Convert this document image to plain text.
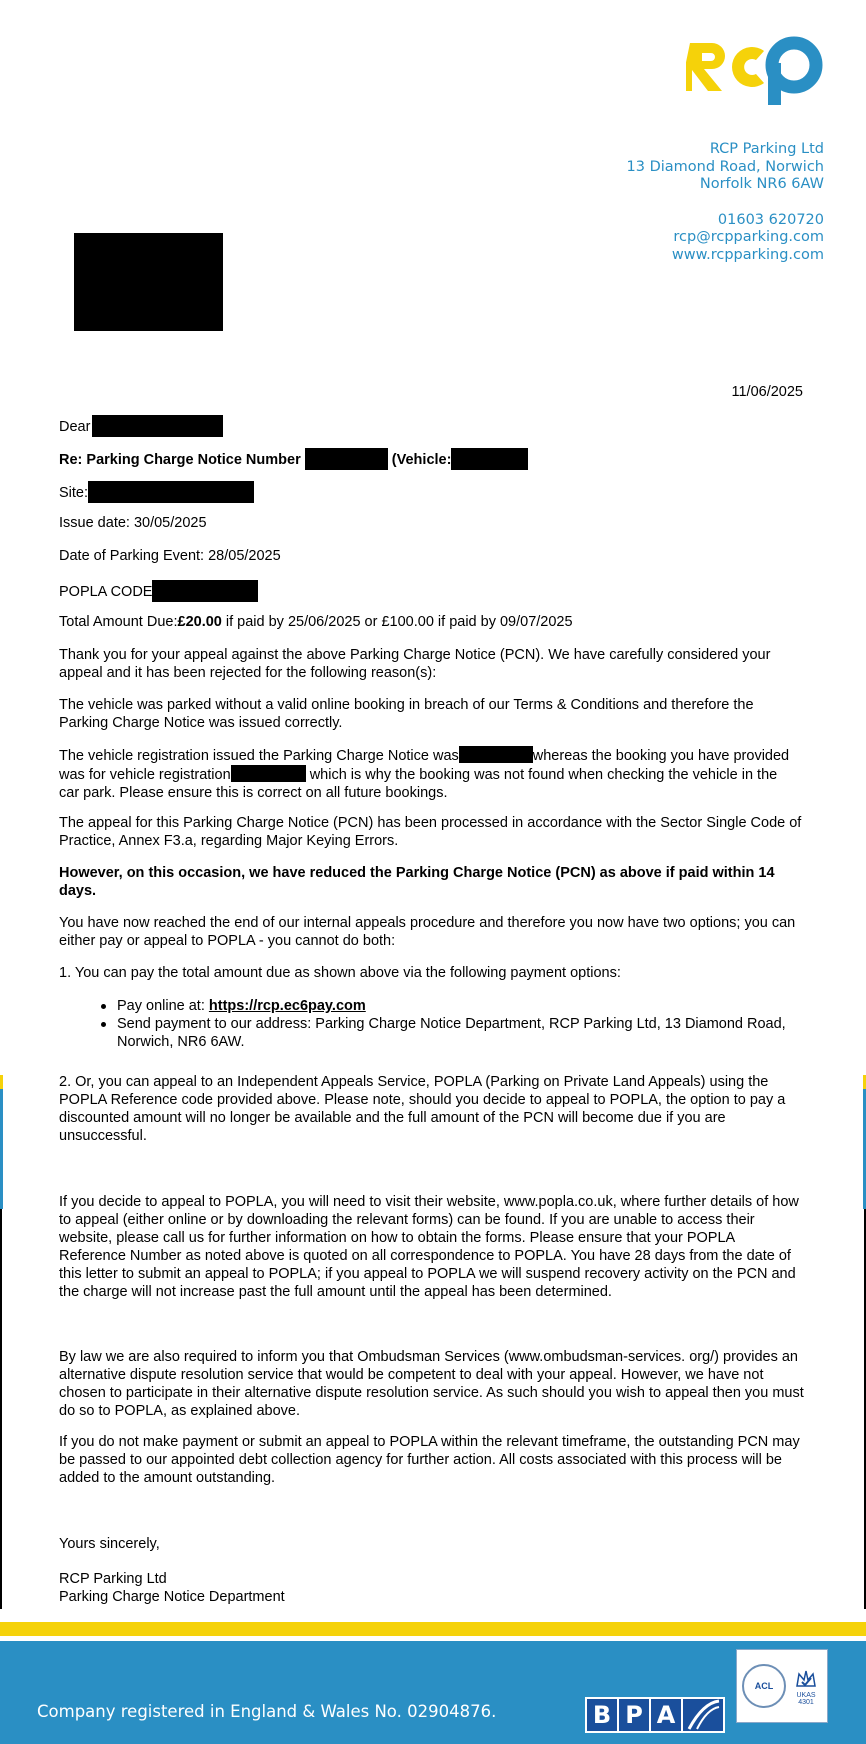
RCP Parking Ltd
13 Diamond Road, Norwich
Norfolk NR6 6AW
01603 620720
rcp@rcpparking.com
www.rcpparking.com
11/06/2025
Dear
Re: Parking Charge Notice Number	(Vehicle:
Site:
Issue date: 30/05/2025
Date of Parking Event: 28/05/2025
POPLA CODE
Total Amount Due:£20.00 if paid by 25/06/2025 or £100.00 if paid by 09/07/2025
Thank you for your appeal against the above Parking Charge Notice (PCN). We have carefully considered your appeal and it has been rejected for the following reason(s):
The vehicle was parked without a valid online booking in breach of our Terms & Conditions and therefore the Parking Charge Notice was issued correctly.
The vehicle registration issued the Parking Charge Notice was	whereas the booking you have provided
was for vehicle registration	which is why the booking was not found when checking the vehicle in the
car park. Please ensure this is correct on all future bookings.
The appeal for this Parking Charge Notice (PCN) has been processed in accordance with the Sector Single Code of Practice, Annex F3.a, regarding Major Keying Errors.
However, on this occasion, we have reduced the Parking Charge Notice (PCN) as above if paid within 14 days.
You have now reached the end of our internal appeals procedure and therefore you now have two options; you can either pay or appeal to POPLA - you cannot do both:
1. You can pay the total amount due as shown above via the following payment options:
Pay online at: https://rcp.ec6pay.com
Send payment to our address: Parking Charge Notice Department, RCP Parking Ltd, 13 Diamond Road, Norwich, NR6 6AW.
2. Or, you can appeal to an Independent Appeals Service, POPLA (Parking on Private Land Appeals) using the POPLA Reference code provided above. Please note, should you decide to appeal to POPLA, the option to pay a discounted amount will no longer be available and the full amount of the PCN will become due if you are unsuccessful.
If you decide to appeal to POPLA, you will need to visit their website, www.popla.co.uk, where further details of how to appeal (either online or by downloading the relevant forms) can be found. If you are unable to access their website, please call us for further information on how to obtain the forms. Please ensure that your POPLA Reference Number as noted above is quoted on all correspondence to POPLA. You have 28 days from the date of this letter to submit an appeal to POPLA; if you appeal to POPLA we will suspend recovery activity on the PCN and the charge will not increase past the full amount until the appeal has been determined.
By law we are also required to inform you that Ombudsman Services (www.ombudsman-services. org/) provides an alternative dispute resolution service that would be competent to deal with your appeal. However, we have not chosen to participate in their alternative dispute resolution service. As such should you wish to appeal then you must do so to POPLA, as explained above.
If you do not make payment or submit an appeal to POPLA within the relevant timeframe, the outstanding PCN may be passed to our appointed debt collection agency for further action. All costs associated with this process will be added to the amount outstanding.
Yours sincerely,
RCP Parking Ltd
Parking Charge Notice Department
Company registered in England & Wales No. 02904876.	B P A
ACL
UKAS
4301
